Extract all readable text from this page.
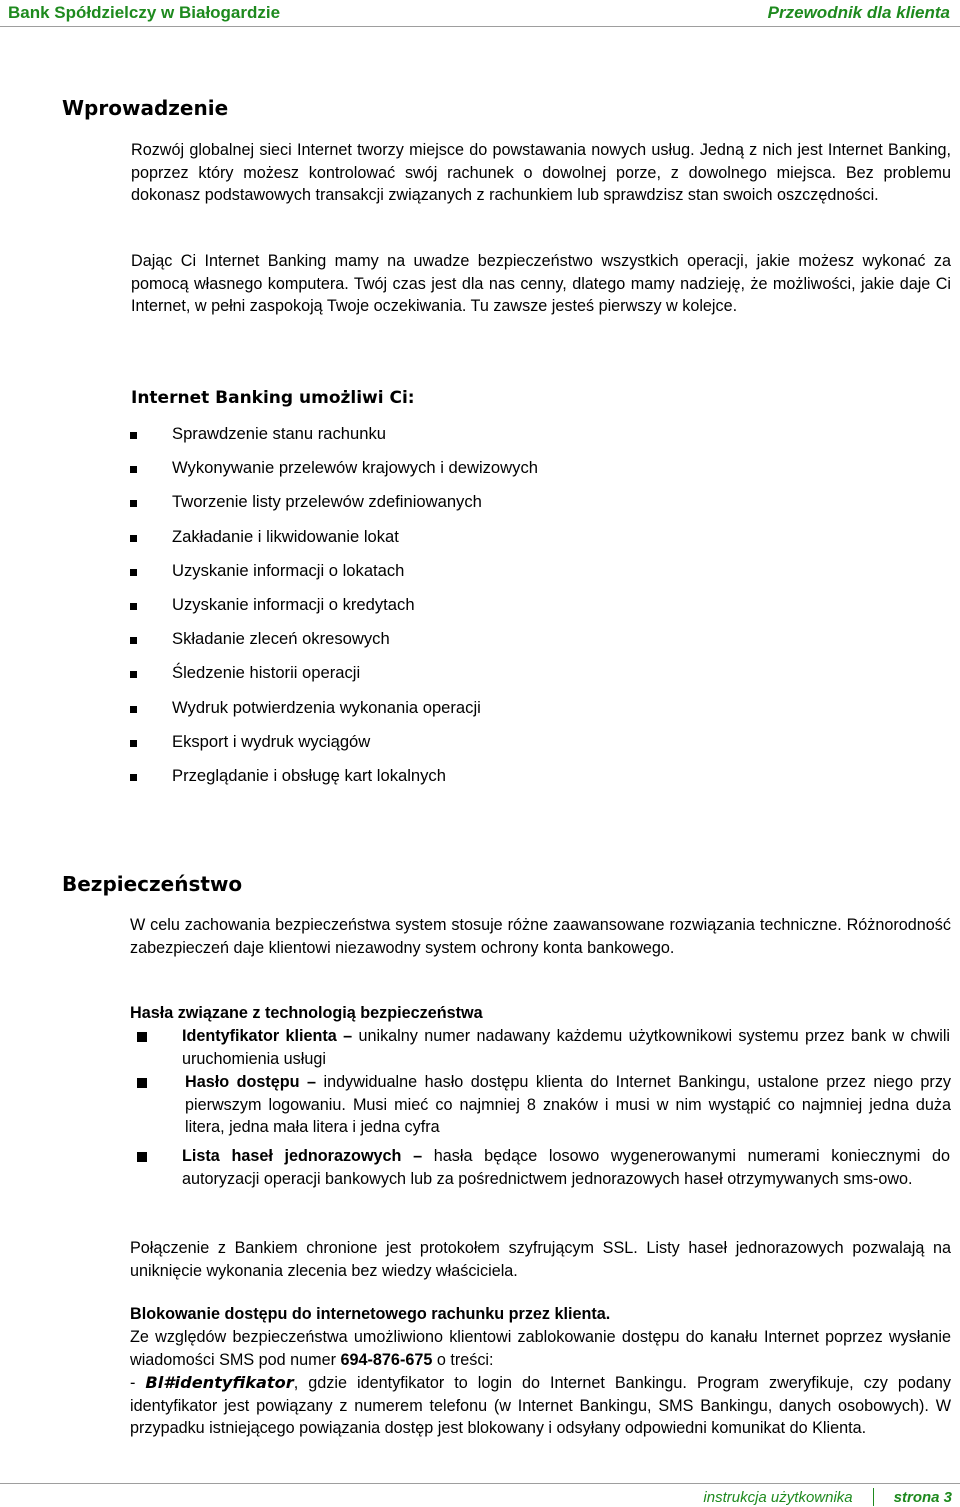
Bank Spółdzielczy w Białogardzie	Przewodnik dla klienta
Wprowadzenie

Rozwój globalnej sieci Internet tworzy miejsce do powstawania nowych usług. Jedną z nich jest Internet Banking, poprzez który możesz kontrolować swój rachunek o dowolnej porze, z dowolnego miejsca. Bez problemu dokonasz podstawowych transakcji związanych z rachunkiem lub sprawdzisz stan swoich oszczędności.

Dając Ci Internet Banking mamy na uwadze bezpieczeństwo wszystkich operacji, jakie możesz wykonać za pomocą własnego komputera. Twój czas jest dla nas cenny, dlatego mamy nadzieję, że możliwości, jakie daje Ci Internet, w pełni zaspokoją Twoje oczekiwania. Tu zawsze jesteś pierwszy w kolejce.

Internet Banking umożliwi Ci:
Sprawdzenie stanu rachunku
Wykonywanie przelewów krajowych i dewizowych
Tworzenie listy przelewów zdefiniowanych
Zakładanie i likwidowanie lokat
Uzyskanie informacji o lokatach
Uzyskanie informacji o kredytach
Składanie zleceń okresowych
Śledzenie historii operacji
Wydruk potwierdzenia wykonania operacji
Eksport i wydruk wyciągów
Przeglądanie i obsługę kart lokalnych
Bezpieczeństwo

W celu zachowania bezpieczeństwa system stosuje różne zaawansowane rozwiązania techniczne. Różnorodność zabezpieczeń daje klientowi niezawodny system ochrony konta bankowego.

Hasła związane z technologią bezpieczeństwa
Identyfikator klienta – unikalny numer nadawany każdemu użytkownikowi systemu przez bank w chwili uruchomienia usługi
Hasło dostępu – indywidualne hasło dostępu klienta do Internet Bankingu, ustalone przez niego przy pierwszym logowaniu. Musi mieć co najmniej 8 znaków i musi w nim wystąpić co najmniej jedna duża litera, jedna mała litera i jedna cyfra
Lista haseł jednorazowych – hasła będące losowo wygenerowanymi numerami koniecznymi do autoryzacji operacji bankowych lub za pośrednictwem jednorazowych haseł otrzymywanych sms-owo.

Połączenie z Bankiem chronione jest protokołem szyfrującym SSL. Listy haseł jednorazowych pozwalają na uniknięcie wykonania zlecenia bez wiedzy właściciela.

Blokowanie dostępu do internetowego rachunku przez klienta.

Ze względów bezpieczeństwa umożliwiono klientowi zablokowanie dostępu do kanału Internet poprzez wysłanie wiadomości SMS pod numer 694-876-675 o treści:

- Bl#identyfikator, gdzie identyfikator to login do Internet Bankingu. Program zweryfikuje, czy podany identyfikator jest powiązany z numerem telefonu (w Internet Bankingu, SMS Bankingu, danych osobowych). W przypadku istniejącego powiązania dostęp jest blokowany i odsyłany odpowiedni komunikat do Klienta.

instrukcja użytkownika	strona 3
